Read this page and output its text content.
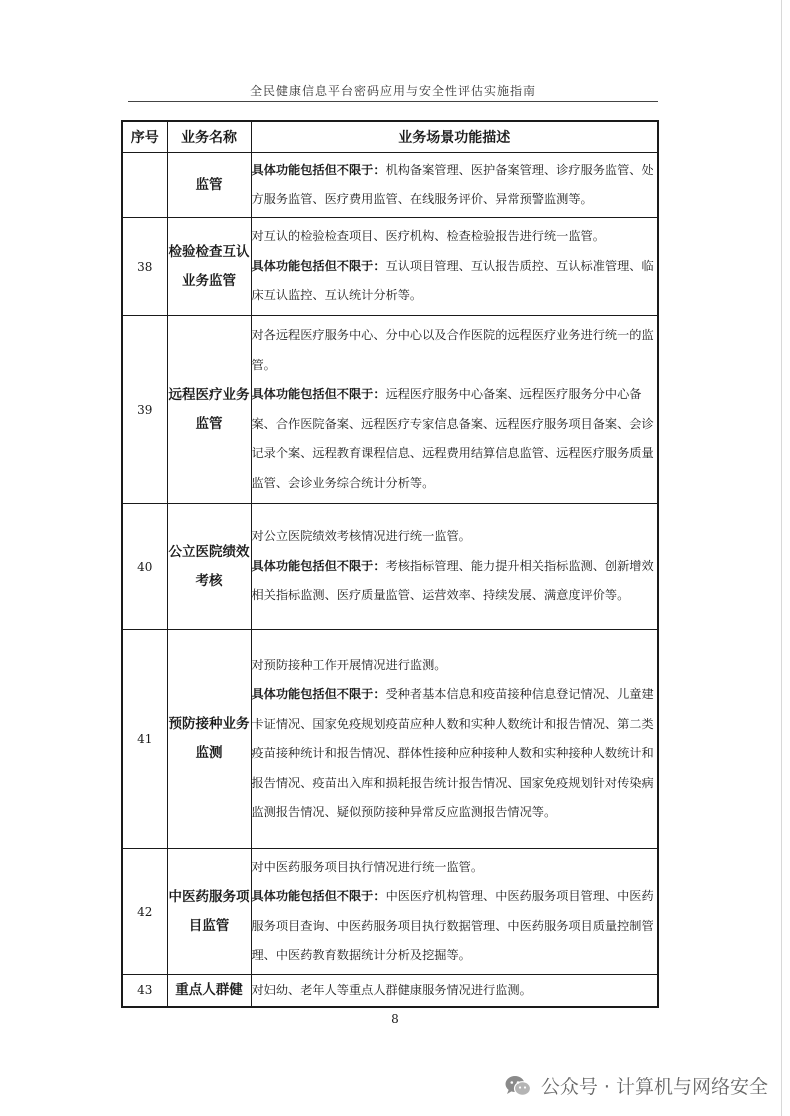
全民健康信息平台密码应用与安全性评估实施指南
序号	业务名称	业务场景功能描述
	监管	具体功能包括但不限于：机构备案管理、医护备案管理、诊疗服务监管、处方服务监管、医疗费用监管、在线服务评价、异常预警监测等。

38	检验检查互认业务监管	对互认的检验检查项目、医疗机构、检查检验报告进行统一监管。
具体功能包括但不限于：互认项目管理、互认报告质控、互认标准管理、临床互认监控、互认统计分析等。

39	远程医疗业务监管	对各远程医疗服务中心、分中心以及合作医院的远程医疗业务进行统一的监管。
具体功能包括但不限于：远程医疗服务中心备案、远程医疗服务分中心备案、合作医院备案、远程医疗专家信息备案、远程医疗服务项目备案、会诊记录个案、远程教育课程信息、远程费用结算信息监管、远程医疗服务质量监管、会诊业务综合统计分析等。

40	公立医院绩效考核	对公立医院绩效考核情况进行统一监管。
具体功能包括但不限于：考核指标管理、能力提升相关指标监测、创新增效相关指标监测、医疗质量监管、运营效率、持续发展、满意度评价等。

41	预防接种业务监测	对预防接种工作开展情况进行监测。
具体功能包括但不限于：受种者基本信息和疫苗接种信息登记情况、儿童建卡证情况、国家免疫规划疫苗应种人数和实种人数统计和报告情况、第二类疫苗接种统计和报告情况、群体性接种应种接种人数和实种接种人数统计和报告情况、疫苗出入库和损耗报告统计报告情况、国家免疫规划针对传染病监测报告情况、疑似预防接种异常反应监测报告情况等。

42	中医药服务项目监管	对中医药服务项目执行情况进行统一监管。
具体功能包括但不限于：中医医疗机构管理、中医药服务项目管理、中医药服务项目查询、中医药服务项目执行数据管理、中医药服务项目质量控制管理、中医药教育数据统计分析及挖掘等。

43	重点人群健	对妇幼、老年人等重点人群健康服务情况进行监测。
8
公众号 · 计算机与网络安全
